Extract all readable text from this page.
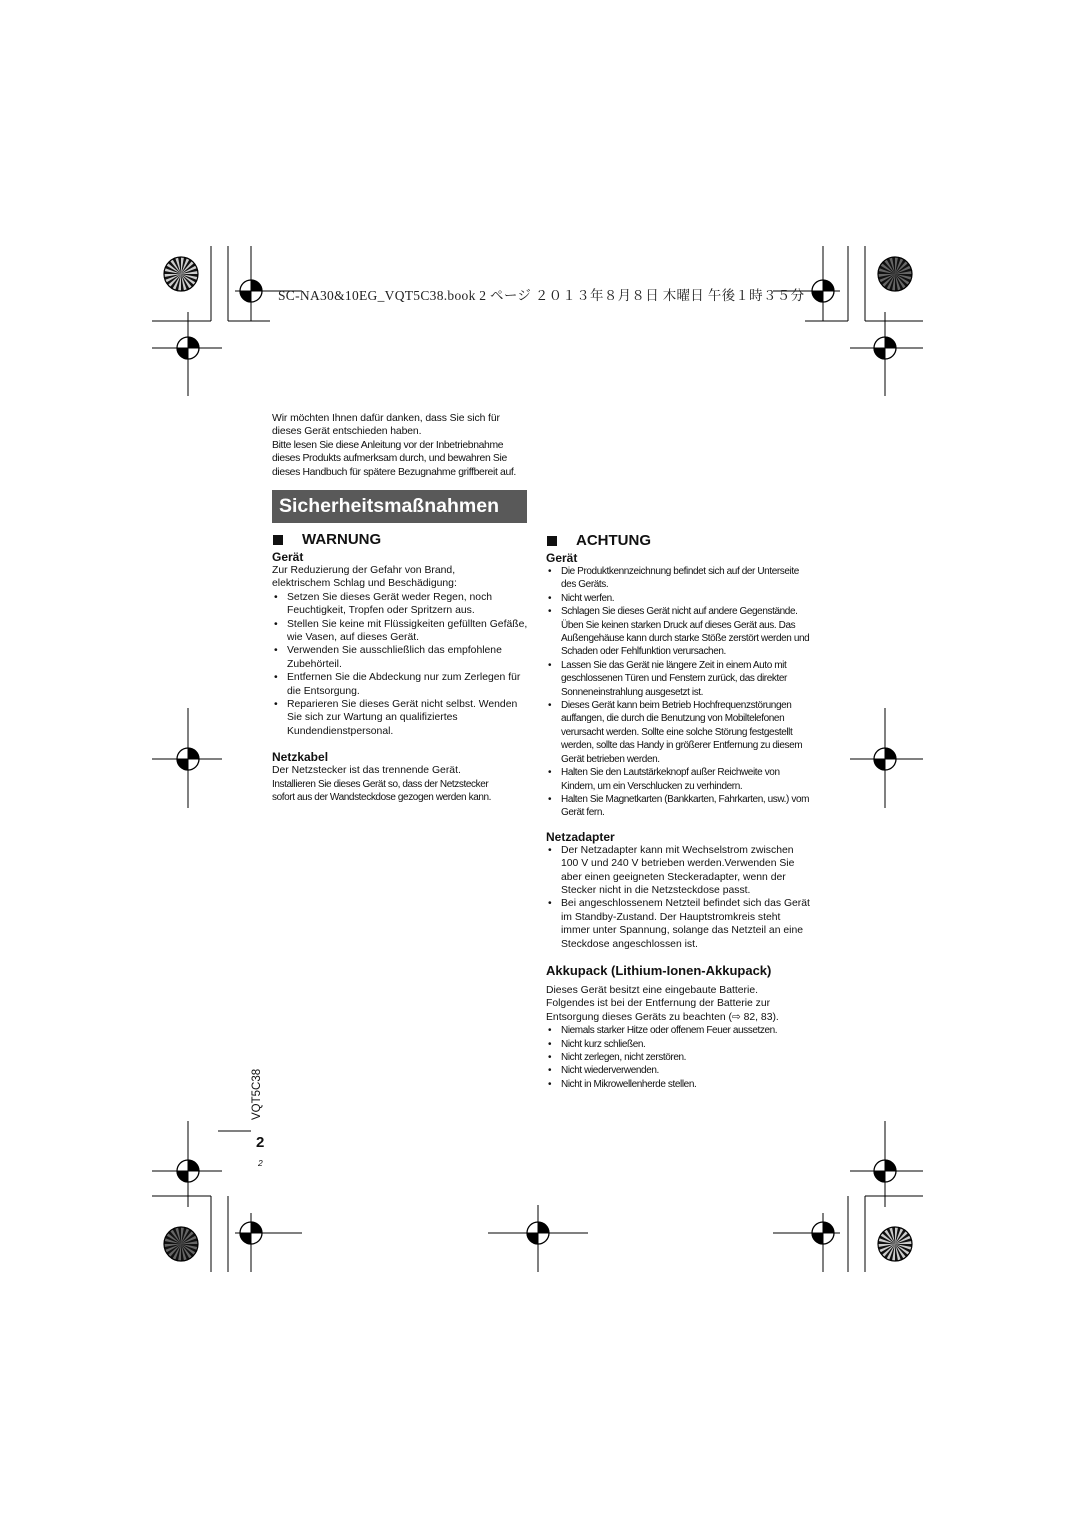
SC-NA30&10EG_VQT5C38.book 2 ページ ２０１３年８月８日 木曜日 午後１時３５分

Wir möchten Ihnen dafür danken, dass Sie sich für

dieses Gerät entschieden haben.

Bitte lesen Sie diese Anleitung vor der Inbetriebnahme

dieses Produkts aufmerksam durch, und bewahren Sie

dieses Handbuch für spätere Bezugnahme griffbereit auf.

Sicherheitsmaßnahmen
WARNUNG

Gerät

Zur Reduzierung der Gefahr von Brand,

elektrischem Schlag und Beschädigung:

• Setzen Sie dieses Gerät weder Regen, noch Feuchtigkeit, Tropfen oder Spritzern aus.
• Stellen Sie keine mit Flüssigkeiten gefüllten Gefäße, wie Vasen, auf dieses Gerät.
• Verwenden Sie ausschließlich das empfohlene Zubehörteil.
• Entfernen Sie die Abdeckung nur zum Zerlegen für die Entsorgung.
• Reparieren Sie dieses Gerät nicht selbst. Wenden Sie sich zur Wartung an qualifiziertes Kundendienstpersonal.

Netzkabel

Der Netzstecker ist das trennende Gerät.

Installieren Sie dieses Gerät so, dass der Netzstecker

sofort aus der Wandsteckdose gezogen werden kann.

ACHTUNG

Gerät

• Die Produktkennzeichnung befindet sich auf der Unterseite des Geräts.
• Nicht werfen.
• Schlagen Sie dieses Gerät nicht auf andere Gegenstände. Üben Sie keinen starken Druck auf dieses Gerät aus. Das Außengehäuse kann durch starke Stöße zerstört werden und Schaden oder Fehlfunktion verursachen.
• Lassen Sie das Gerät nie längere Zeit in einem Auto mit geschlossenen Türen und Fenstern zurück, das direkter Sonneneinstrahlung ausgesetzt ist.
• Dieses Gerät kann beim Betrieb Hochfrequenzstörungen auffangen, die durch die Benutzung von Mobiltelefonen verursacht werden. Sollte eine solche Störung festgestellt werden, sollte das Handy in größerer Entfernung zu diesem Gerät betrieben werden.
• Halten Sie den Lautstärkeknopf außer Reichweite von Kindern, um ein Verschlucken zu verhindern.
• Halten Sie Magnetkarten (Bankkarten, Fahrkarten, usw.) vom Gerät fern.

Netzadapter

• Der Netzadapter kann mit Wechselstrom zwischen 100 V und 240 V betrieben werden.Verwenden Sie aber einen geeigneten Steckeradapter, wenn der Stecker nicht in die Netzsteckdose passt.
• Bei angeschlossenem Netzteil befindet sich das Gerät im Standby-Zustand. Der Hauptstromkreis steht immer unter Spannung, solange das Netzteil an eine Steckdose angeschlossen ist.

Akkupack (Lithium-Ionen-Akkupack)

Dieses Gerät besitzt eine eingebaute Batterie.

Folgendes ist bei der Entfernung der Batterie zur

Entsorgung dieses Geräts zu beachten (⇨ 82, 83).

• Niemals starker Hitze oder offenem Feuer aussetzen.
• Nicht kurz schließen.
• Nicht zerlegen, nicht zerstören.
• Nicht wiederverwenden.
• Nicht in Mikrowellenherde stellen.
VQT5C38
2
2
